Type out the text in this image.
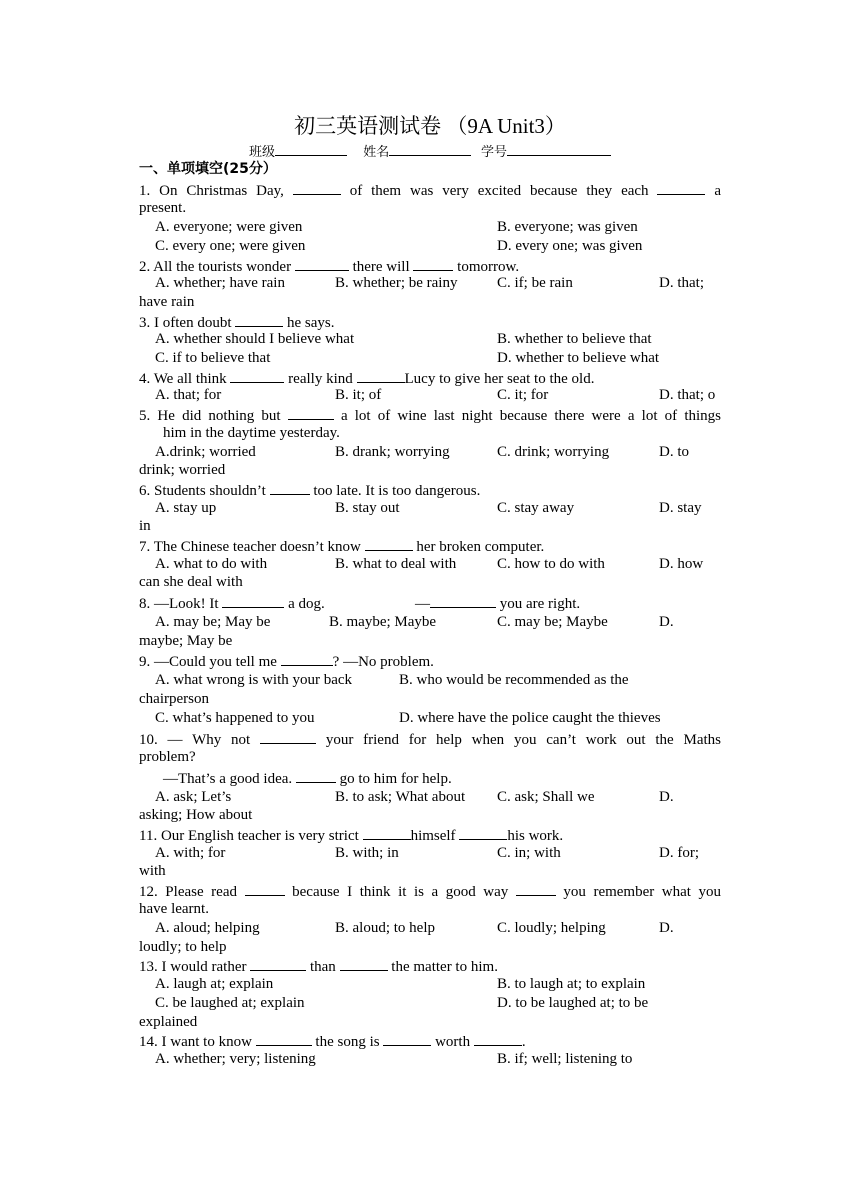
初三英语测试卷 （9A Unit3）
班级	姓名	学号
一、单项填空(25分）
1. On Christmas Day,	of them was very excited because they each	a
present.
A. everyone; were given	B. everyone; was given
C. every one; were given	D. every one; was given
2. All the tourists wonder	there will	tomorrow.
A. whether; have rain	B. whether; be rainy	C. if; be rain	D. that;
have rain
3. I often doubt	he says.
A. whether should I believe what	B. whether to believe that
C. if to believe that	D. whether to believe what
4. We all think	really kind	Lucy to give her seat to the old.
A. that; for	B. it; of	C. it; for	D. that; o
5. He did nothing but	a lot of wine last night because there were a lot of things
him in the daytime yesterday.
A.drink; worried	B. drank; worrying	C. drink; worrying	D. to
drink; worried
6. Students shouldn’t	too late. It is too dangerous.
A. stay up	B. stay out	C. stay away	D. stay
in
7. The Chinese teacher doesn’t know	her broken computer.
A. what to do with	B. what to deal with	C. how to do with	D. how
can she deal with
8. —Look! It	a dog.	—	you are right.
A. may be; May be	B. maybe; Maybe	C. may be; Maybe	D.
maybe; May be
9. —Could you tell me	? —No problem.
A. what wrong is with your back	B. who would be recommended as the
chairperson
C. what’s happened to you	D. where have the police caught the thieves
10. — Why not	your friend for help when you can’t work out the Maths
problem?
—That’s a good idea.	go to him for help.
A. ask; Let’s	B. to ask; What about C. ask; Shall we	D.
asking; How about
11. Our English teacher is very strict	himself	his work.
A. with; for	B. with; in	C. in; with	D. for;
with
12. Please read	because I think it is a good way	you remember what you
have learnt.
A. aloud; helping	B. aloud; to help	C. loudly; helping	D.
loudly; to help
13. I would rather	than	the matter to him.
A. laugh at; explain	B. to laugh at; to explain
C. be laughed at; explain	D. to be laughed at; to be
explained
14. I want to know	the song is	worth	.
A. whether; very; listening	B. if; well; listening to
